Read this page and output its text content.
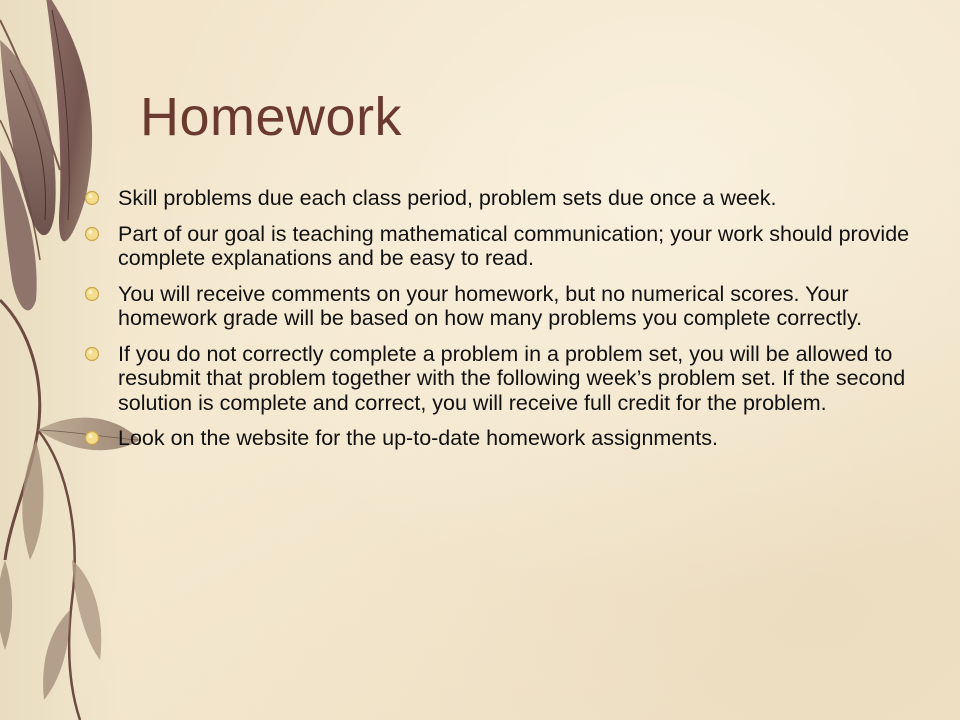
Homework
Skill problems due each class period, problem sets due once a week.
Part of our goal is teaching mathematical communication; your work should provide complete explanations and be easy to read.
You will receive comments on your homework, but no numerical scores. Your homework grade will be based on how many problems you complete correctly.
If you do not correctly complete a problem in a problem set, you will be allowed to resubmit that problem together with the following week’s problem set. If the second solution is complete and correct, you will receive full credit for the problem.
Look on the website for the up-to-date homework assignments.
